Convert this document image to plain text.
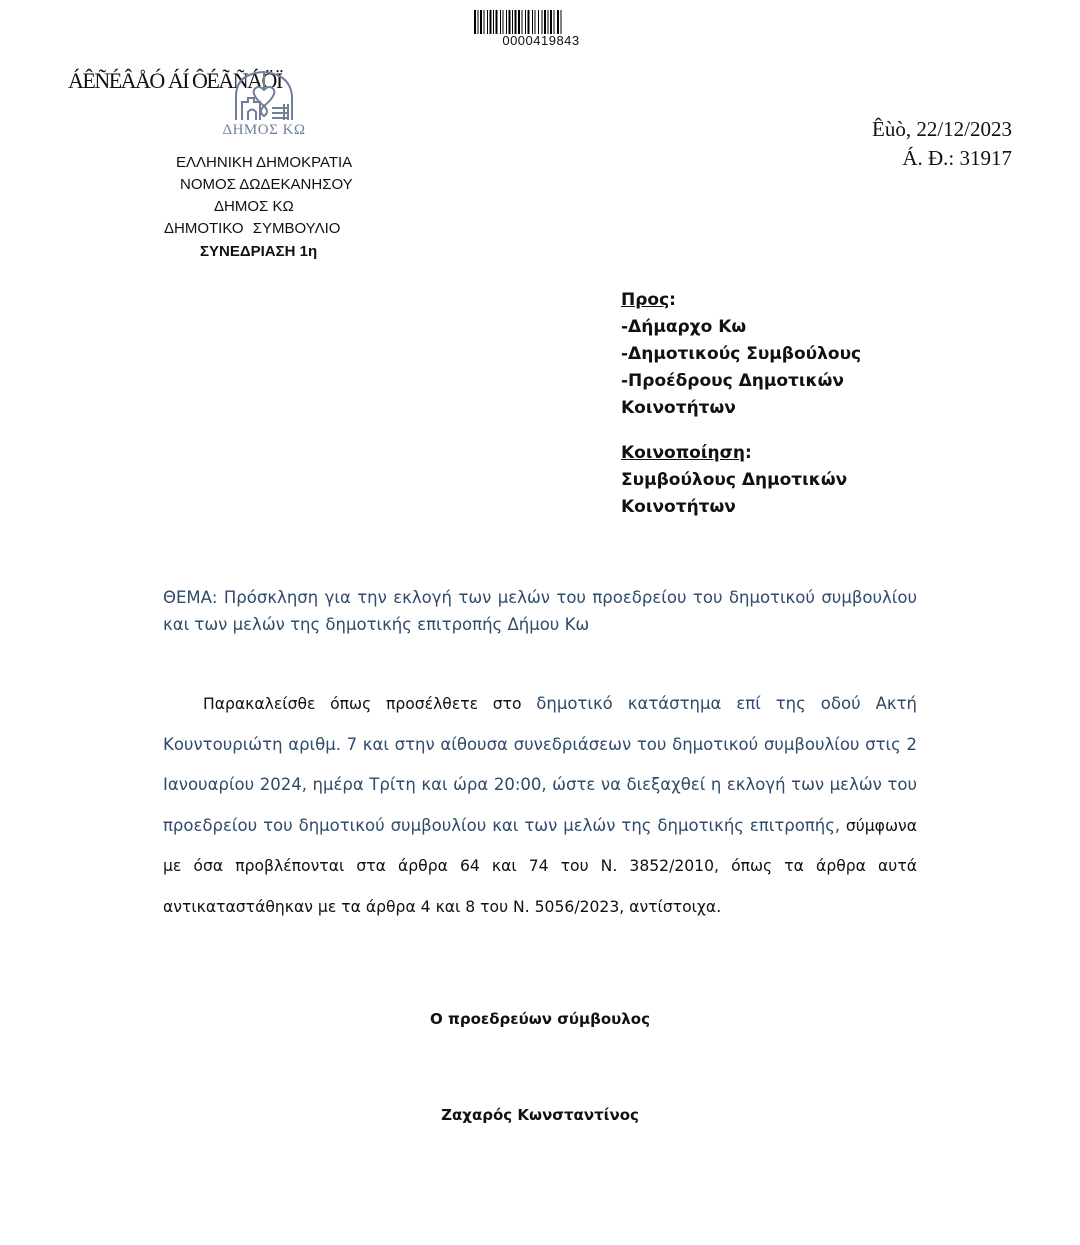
0000419843
ÁÊÑÉÂÅÓ ÁÍ ÔÉÃÑÁÖÏ
ΔΗΜΟΣ ΚΩ	Êùò, 22/12/2023
Á. Ð.: 31917
ΕΛΛΗΝΙΚΗ ΔΗΜΟΚΡΑΤΙΑ
ΝΟΜΟΣ ΔΩΔΕΚΑΝΗΣΟΥ
ΔΗΜΟΣ ΚΩ
ΔΗΜΟΤΙΚΟ ΣΥΜΒΟΥΛΙΟ
ΣΥΝΕΔΡΙΑΣΗ 1η
Προς:
-Δήμαρχο Κω
-Δημοτικούς Συμβούλους
-Προέδρους Δημοτικών
Κοινοτήτων
Κοινοποίηση:
Συμβούλους Δημοτικών
Κοινοτήτων
ΘΕΜΑ: Πρόσκληση για την εκλογή των μελών του προεδρείου του δημοτικού συμβουλίου και των μελών της δημοτικής επιτροπής Δήμου Κω
Παρακαλείσθε όπως προσέλθετε στο δημοτικό κατάστημα επί της οδού Ακτή Κουντουριώτη αριθμ. 7 και στην αίθουσα συνεδριάσεων του δημοτικού συμβουλίου στις 2 Ιανουαρίου 2024, ημέρα Τρίτη και ώρα 20:00, ώστε να διεξαχθεί η εκλογή των μελών του προεδρείου του δημοτικού συμβουλίου και των μελών της δημοτικής επιτροπής, σύμφωνα με όσα προβλέπονται στα άρθρα 64 και 74 του Ν. 3852/2010, όπως τα άρθρα αυτά αντικαταστάθηκαν με τα άρθρα 4 και 8 του Ν. 5056/2023, αντίστοιχα.
Ο προεδρεύων σύμβουλος
Ζαχαρός Κωνσταντίνος
